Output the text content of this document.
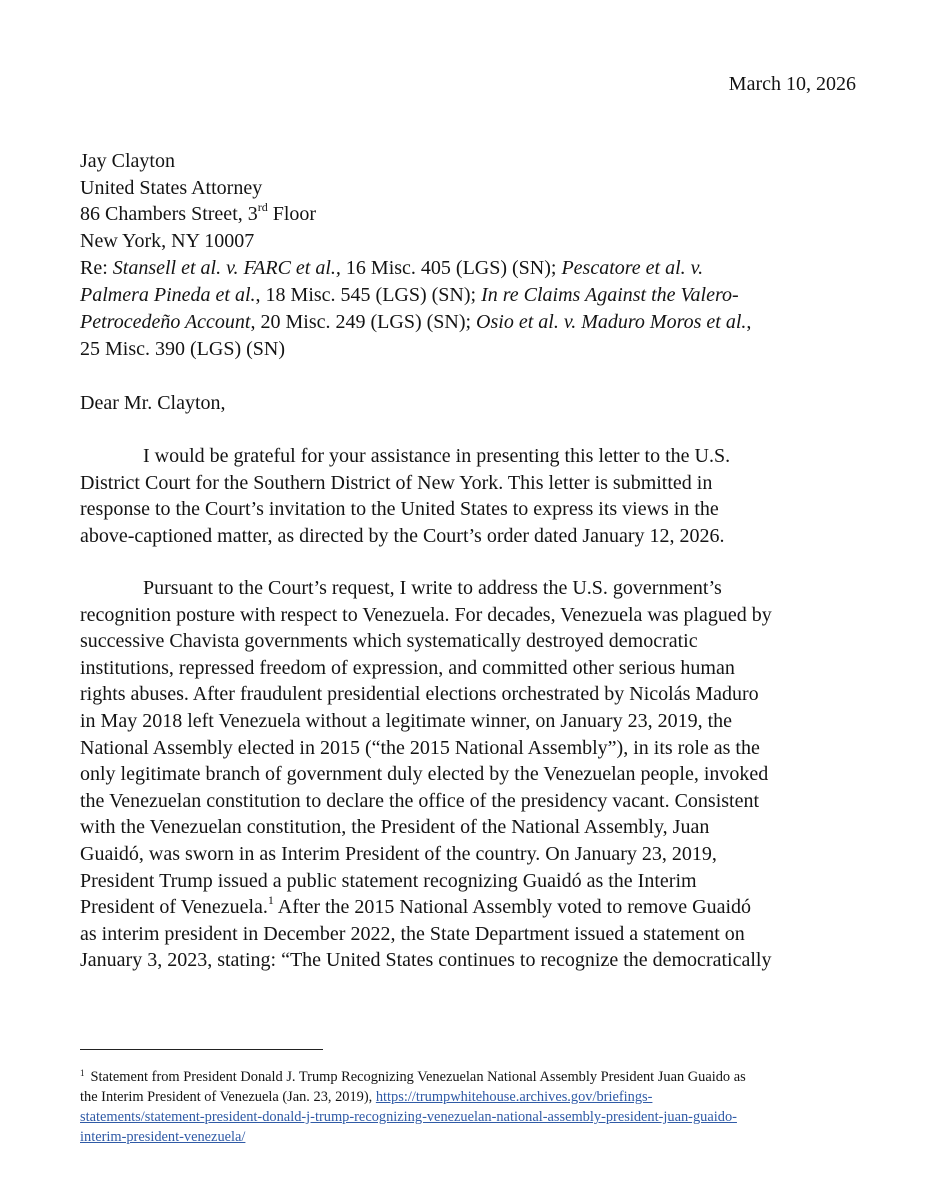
March 10, 2026
Jay Clayton
United States Attorney
86 Chambers Street, 3rd Floor
New York, NY 10007
Re: Stansell et al. v. FARC et al., 16 Misc. 405 (LGS) (SN); Pescatore et al. v.
Palmera Pineda et al., 18 Misc. 545 (LGS) (SN); In re Claims Against the Valero-
Petrocedeño Account, 20 Misc. 249 (LGS) (SN); Osio et al. v. Maduro Moros et al.,
25 Misc. 390 (LGS) (SN)
Dear Mr. Clayton,
I would be grateful for your assistance in presenting this letter to the U.S.
District Court for the Southern District of New York. This letter is submitted in
response to the Court’s invitation to the United States to express its views in the
above-captioned matter, as directed by the Court’s order dated January 12, 2026.
Pursuant to the Court’s request, I write to address the U.S. government’s
recognition posture with respect to Venezuela. For decades, Venezuela was plagued by
successive Chavista governments which systematically destroyed democratic
institutions, repressed freedom of expression, and committed other serious human
rights abuses. After fraudulent presidential elections orchestrated by Nicolás Maduro
in May 2018 left Venezuela without a legitimate winner, on January 23, 2019, the
National Assembly elected in 2015 (“the 2015 National Assembly”), in its role as the
only legitimate branch of government duly elected by the Venezuelan people, invoked
the Venezuelan constitution to declare the office of the presidency vacant. Consistent
with the Venezuelan constitution, the President of the National Assembly, Juan
Guaidó, was sworn in as Interim President of the country. On January 23, 2019,
President Trump issued a public statement recognizing Guaidó as the Interim
President of Venezuela.$^1$ After the 2015 National Assembly voted to remove Guaidó
as interim president in December 2022, the State Department issued a statement on
January 3, 2023, stating: “The United States continues to recognize the democratically
$^1$ Statement from President Donald J. Trump Recognizing Venezuelan National Assembly President Juan Guaido as
the Interim President of Venezuela (Jan. 23, 2019), https://trumpwhitehouse.archives.gov/briefings-
statements/statement-president-donald-j-trump-recognizing-venezuelan-national-assembly-president-juan-guaido-
interim-president-venezuela/
